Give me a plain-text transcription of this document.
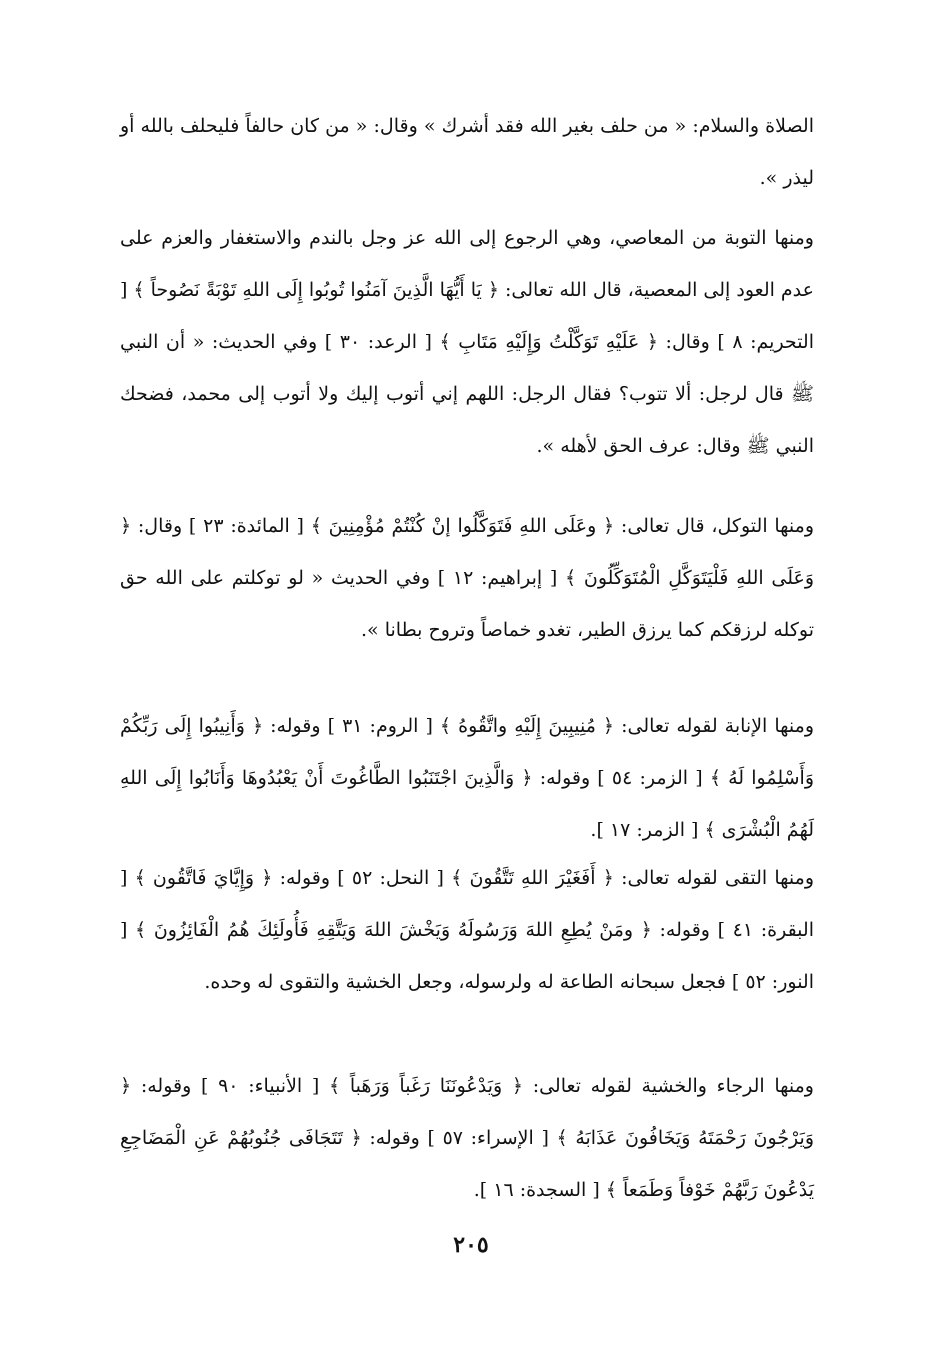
الصلاة والسلام: « من حلف بغير الله فقد أشرك » وقال: « من كان حالفاً فليحلف بالله أو ليذر ».

ومنها التوبة من المعاصي، وهي الرجوع إلى الله عز وجل بالندم والاستغفار والعزم على عدم العود إلى المعصية، قال الله تعالى: ﴿ يَا أَيُّهَا الَّذِينَ آمَنُوا تُوبُوا إِلَى اللهِ تَوْبَةً نَصُوحاً ﴾ [ التحريم: ٨ ] وقال: ﴿ عَلَيْهِ تَوَكَّلْتُ وَإِلَيْهِ مَتَابِ ﴾ [ الرعد: ٣٠ ] وفي الحديث: « أن النبي ﷺ قال لرجل: ألا تتوب؟ فقال الرجل: اللهم إني أتوب إليك ولا أتوب إلى محمد، فضحك النبي ﷺ وقال: عرف الحق لأهله ».

ومنها التوكل، قال تعالى: ﴿ وعَلَى اللهِ فَتَوَكَّلُوا إنْ كُنْتُمْ مُؤْمِنِينَ ﴾ [ المائدة: ٢٣ ] وقال: ﴿ وَعَلَى اللهِ فَلْيَتَوَكَّلِ الْمُتَوَكِّلُونَ ﴾ [ إبراهيم: ١٢ ] وفي الحديث « لو توكلتم على الله حق توكله لرزقكم كما يرزق الطير، تغدو خماصاً وتروح بطانا ».

ومنها الإنابة لقوله تعالى: ﴿ مُنِيبِينَ إِلَيْهِ واتَّقُوهُ ﴾ [ الروم: ٣١ ] وقوله: ﴿ وَأَنِيبُوا إِلَى رَبِّكُمْ وَأَسْلِمُوا لَهُ ﴾ [ الزمر: ٥٤ ] وقوله: ﴿ وَالَّذِينَ اجْتَنَبُوا الطَّاغُوتَ أَنْ يَعْبُدُوهَا وَأَنَابُوا إِلَى اللهِ لَهُمُ الْبُشْرَى ﴾ [ الزمر: ١٧ ].

ومنها التقى لقوله تعالى: ﴿ أَفَغَيْرَ اللهِ تَتَّقُونَ ﴾ [ النحل: ٥٢ ] وقوله: ﴿ وَإِيَّايَ فَاتَّقُون ﴾ [ البقرة: ٤١ ] وقوله: ﴿ ومَنْ يُطِعِ اللهَ وَرَسُولَهُ وَيَخْشَ اللهَ وَيَتَّقِهِ فَأُولَئِكَ هُمُ الْفَائِزُونَ ﴾ [ النور: ٥٢ ] فجعل سبحانه الطاعة له ولرسوله، وجعل الخشية والتقوى له وحده.

ومنها الرجاء والخشية لقوله تعالى: ﴿ وَيَدْعُونَنَا رَغَباً وَرَهَباً ﴾ [ الأنبياء: ٩٠ ] وقوله: ﴿ وَيَرْجُونَ رَحْمَتَهُ وَيَخَافُونَ عَذَابَهُ ﴾ [ الإسراء: ٥٧ ] وقوله: ﴿ تَتَجَافَى جُنُوبُهُمْ عَنِ الْمَضَاجِعِ يَدْعُونَ رَبَّهُمْ خَوْفاً وَطَمَعاً ﴾ [ السجدة: ١٦ ].

٢٠٥
